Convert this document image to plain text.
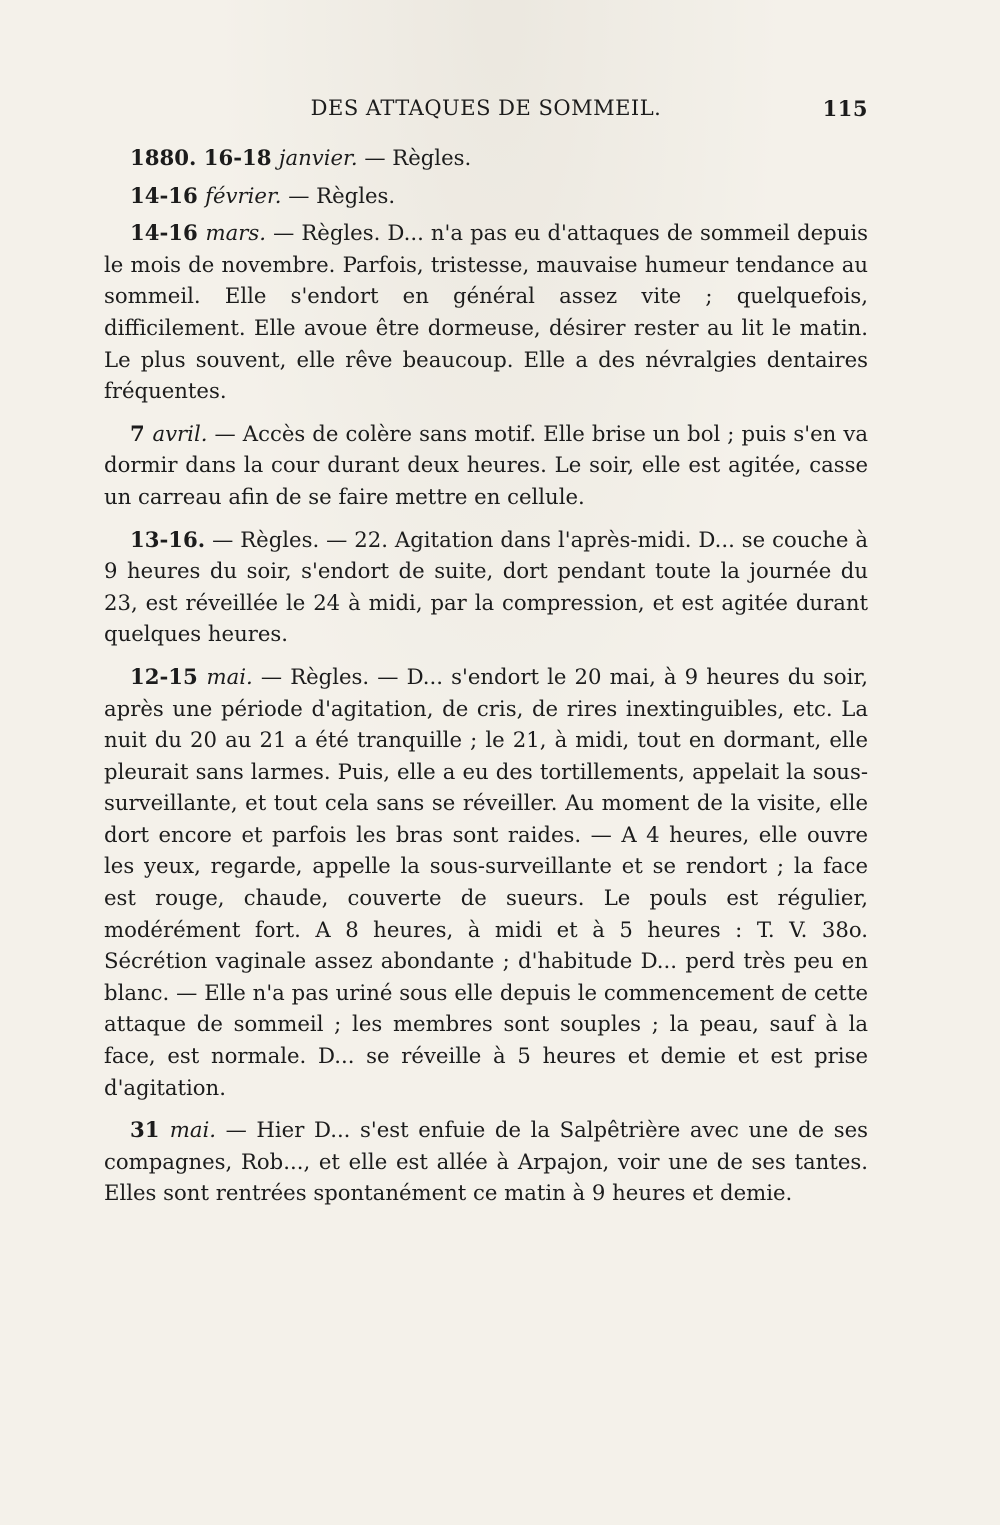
DES ATTAQUES DE SOMMEIL.	115

1880. 16-18 janvier. — Règles.

14-16 février. — Règles.

14-16 mars. — Règles. D... n'a pas eu d'attaques de sommeil depuis le mois de novembre. Parfois, tristesse, mauvaise humeur tendance au sommeil. Elle s'endort en général assez vite ; quelquefois, difficilement. Elle avoue être dormeuse, désirer rester au lit le matin. Le plus souvent, elle rêve beaucoup. Elle a des névralgies dentaires fréquentes.

7 avril. — Accès de colère sans motif. Elle brise un bol ; puis s'en va dormir dans la cour durant deux heures. Le soir, elle est agitée, casse un carreau afin de se faire mettre en cellule.

13-16. — Règles. — 22. Agitation dans l'après-midi. D... se couche à 9 heures du soir, s'endort de suite, dort pendant toute la journée du 23, est réveillée le 24 à midi, par la compression, et est agitée durant quelques heures.

12-15 mai. — Règles. — D... s'endort le 20 mai, à 9 heures du soir, après une période d'agitation, de cris, de rires inextinguibles, etc. La nuit du 20 au 21 a été tranquille ; le 21, à midi, tout en dormant, elle pleurait sans larmes. Puis, elle a eu des tortillements, appelait la sous-surveillante, et tout cela sans se réveiller. Au moment de la visite, elle dort encore et parfois les bras sont raides. — A 4 heures, elle ouvre les yeux, regarde, appelle la sous-surveillante et se rendort ; la face est rouge, chaude, couverte de sueurs. Le pouls est régulier, modérément fort. A 8 heures, à midi et à 5 heures : T. V. 38o. Sécrétion vaginale assez abondante ; d'habitude D... perd très peu en blanc. — Elle n'a pas uriné sous elle depuis le commencement de cette attaque de sommeil ; les membres sont souples ; la peau, sauf à la face, est normale. D... se réveille à 5 heures et demie et est prise d'agitation.

31 mai. — Hier D... s'est enfuie de la Salpêtrière avec une de ses compagnes, Rob..., et elle est allée à Arpajon, voir une de ses tantes. Elles sont rentrées spontanément ce matin à 9 heures et demie.
